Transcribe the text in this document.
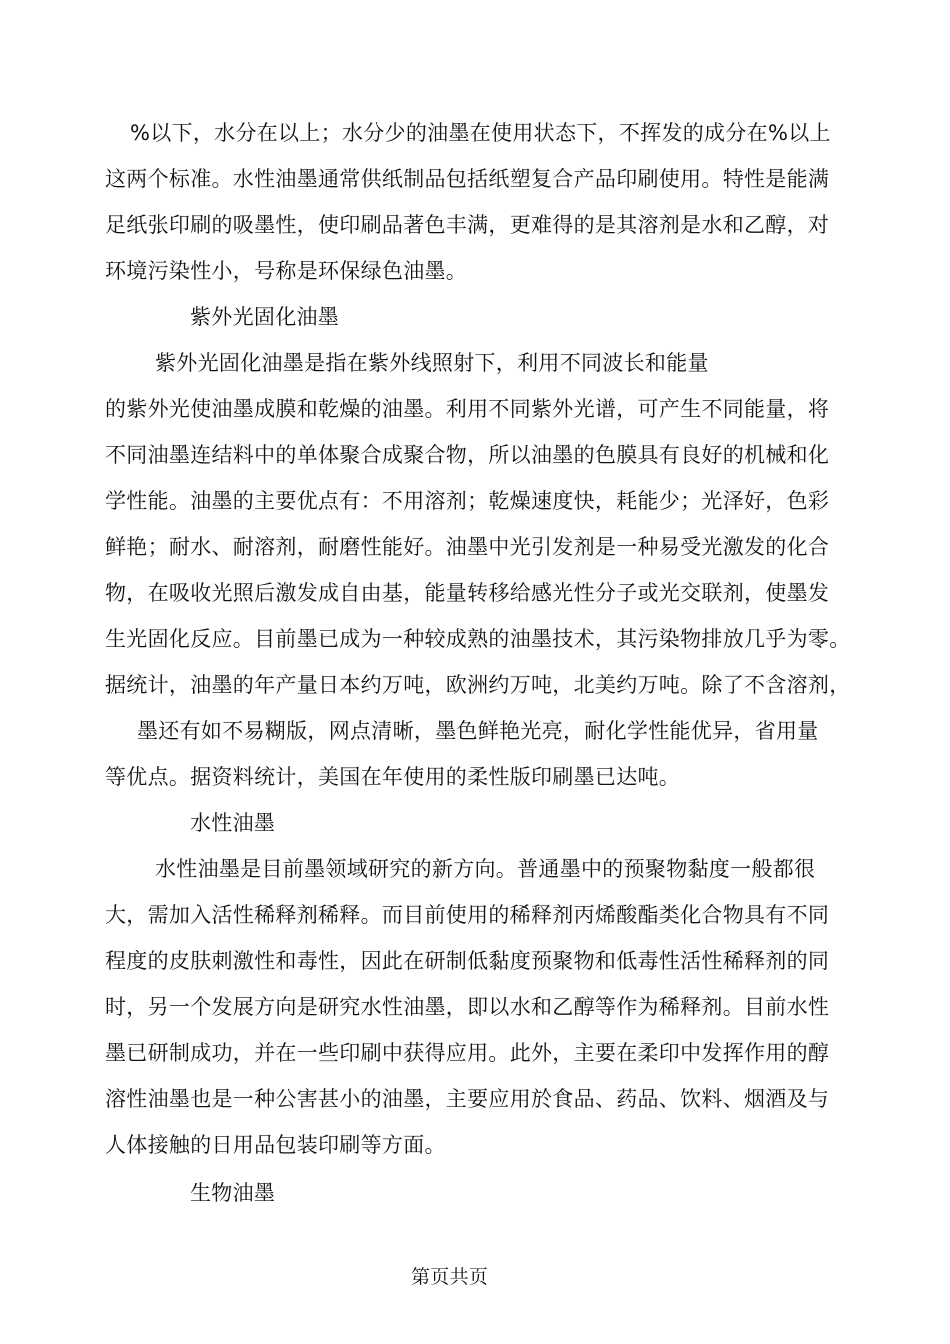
%以下，水分在以上；水分少的油墨在使用状态下，不挥发的成分在%以上
这两个标准。水性油墨通常供纸制品包括纸塑复合产品印刷使用。特性是能满
足纸张印刷的吸墨性，使印刷品著色丰满，更难得的是其溶剂是水和乙醇，对
环境污染性小，号称是环保绿色油墨。
紫外光固化油墨
紫外光固化油墨是指在紫外线照射下，利用不同波长和能量
的紫外光使油墨成膜和乾燥的油墨。利用不同紫外光谱，可产生不同能量，将
不同油墨连结料中的单体聚合成聚合物，所以油墨的色膜具有良好的机械和化
学性能。油墨的主要优点有：不用溶剂；乾燥速度快，耗能少；光泽好，色彩
鲜艳；耐水、耐溶剂，耐磨性能好。油墨中光引发剂是一种易受光激发的化合
物，在吸收光照后激发成自由基，能量转移给感光性分子或光交联剂，使墨发
生光固化反应。目前墨已成为一种较成熟的油墨技术，其污染物排放几乎为零。
据统计，油墨的年产量日本约万吨，欧洲约万吨，北美约万吨。除了不含溶剂，
墨还有如不易糊版，网点清晰，墨色鲜艳光亮，耐化学性能优异，省用量
等优点。据资料统计，美国在年使用的柔性版印刷墨已达吨。
水性油墨
水性油墨是目前墨领域研究的新方向。普通墨中的预聚物黏度一般都很
大，需加入活性稀释剂稀释。而目前使用的稀释剂丙烯酸酯类化合物具有不同
程度的皮肤刺激性和毒性，因此在研制低黏度预聚物和低毒性活性稀释剂的同
时，另一个发展方向是研究水性油墨，即以水和乙醇等作为稀释剂。目前水性
墨已研制成功，并在一些印刷中获得应用。此外，主要在柔印中发挥作用的醇
溶性油墨也是一种公害甚小的油墨，主要应用於食品、药品、饮料、烟酒及与
人体接触的日用品包装印刷等方面。
生物油墨
第页共页
